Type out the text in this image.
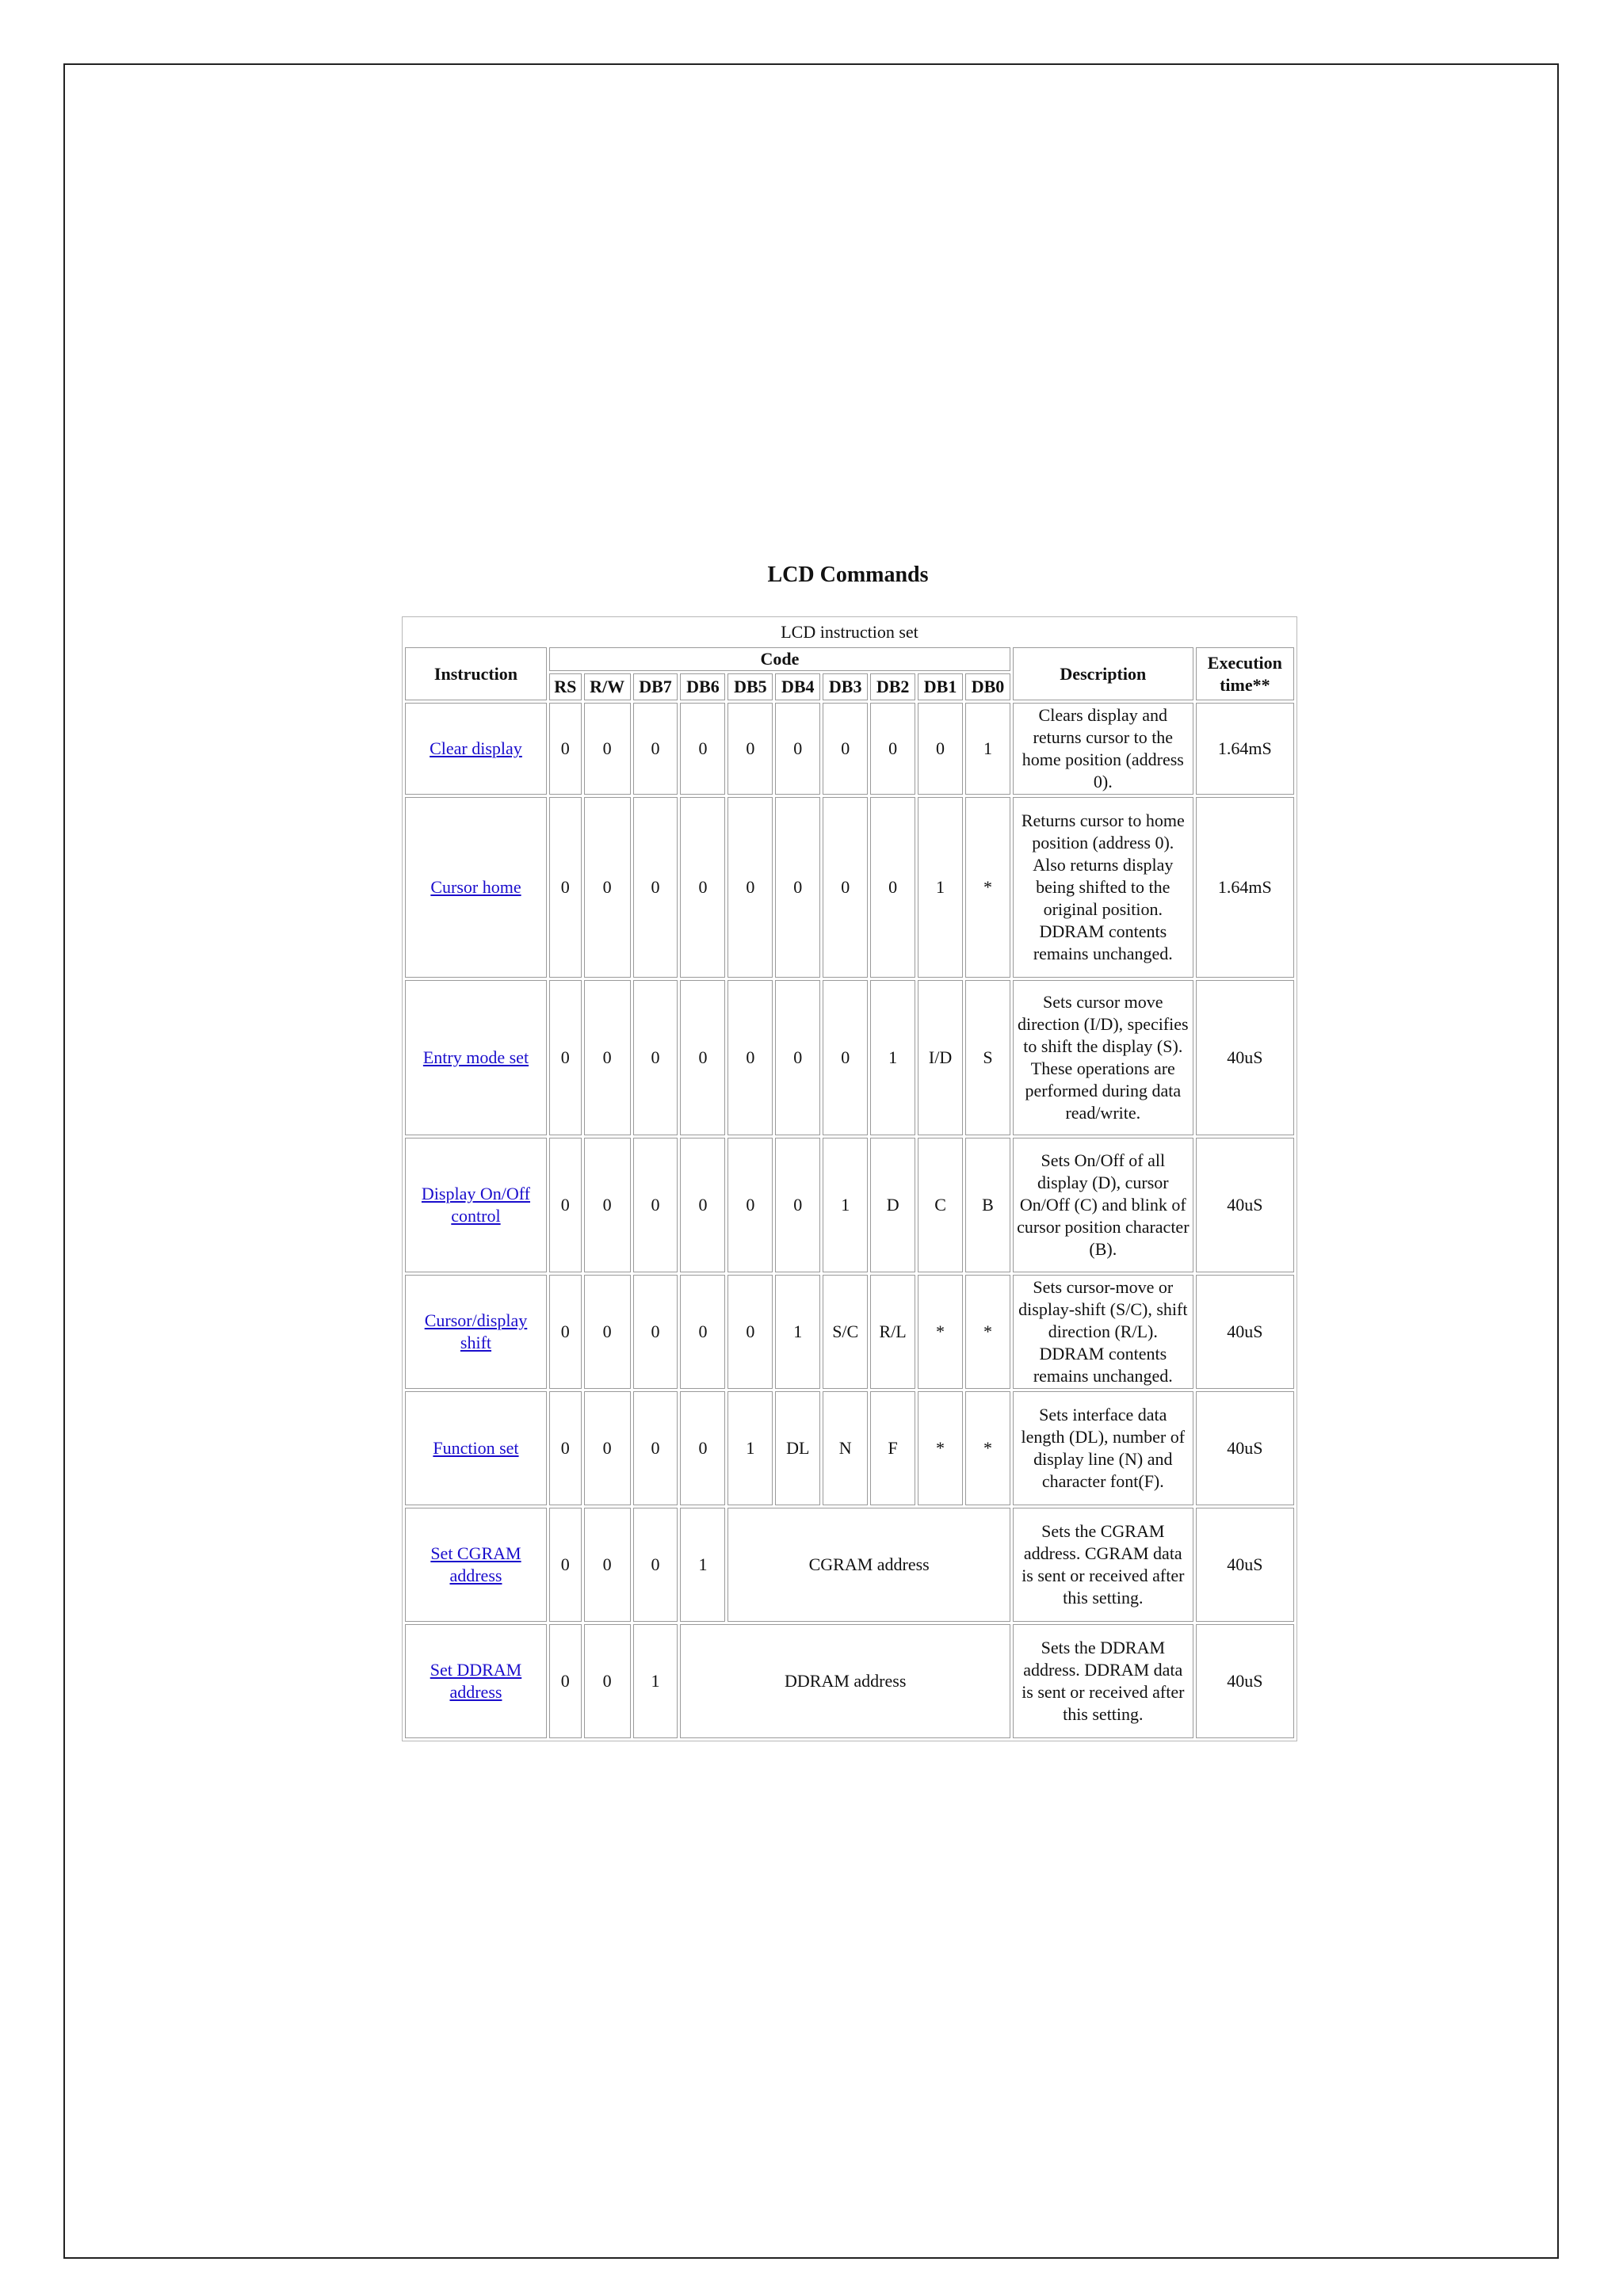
LCD Commands
LCD instruction set												
Instruction	Code										Description	Execution
time**
	RS	R/W	DB7	DB6	DB5	DB4	DB3	DB2	DB1	DB0		
Clear display	0	0	0	0	0	0	0	0	0	1	Clears display and returns cursor to the home position (address 0).	1.64mS
Cursor home	0	0	0	0	0	0	0	0	1	*	Returns cursor to home position (address 0). Also returns display being shifted to the original position. DDRAM contents remains unchanged.	1.64mS
Entry mode set	0	0	0	0	0	0	0	1	I/D	S	Sets cursor move direction (I/D), specifies to shift the display (S). These operations are performed during data read/write.	40uS
Display On/Off control	0	0	0	0	0	0	1	D	C	B	Sets On/Off of all display (D), cursor On/Off (C) and blink of cursor position character (B).	40uS
Cursor/display shift	0	0	0	0	0	1	S/C	R/L	*	*	Sets cursor-move or display-shift (S/C), shift direction (R/L). DDRAM contents remains unchanged.	40uS
Function set	0	0	0	0	1	DL	N	F	*	*	Sets interface data length (DL), number of display line (N) and character font(F).	40uS
Set CGRAM address	0	0	0	1	CGRAM address						Sets the CGRAM address. CGRAM data is sent or received after this setting.	40uS
Set DDRAM address	0	0	1	DDRAM address							Sets the DDRAM address. DDRAM data is sent or received after this setting.	40uS
